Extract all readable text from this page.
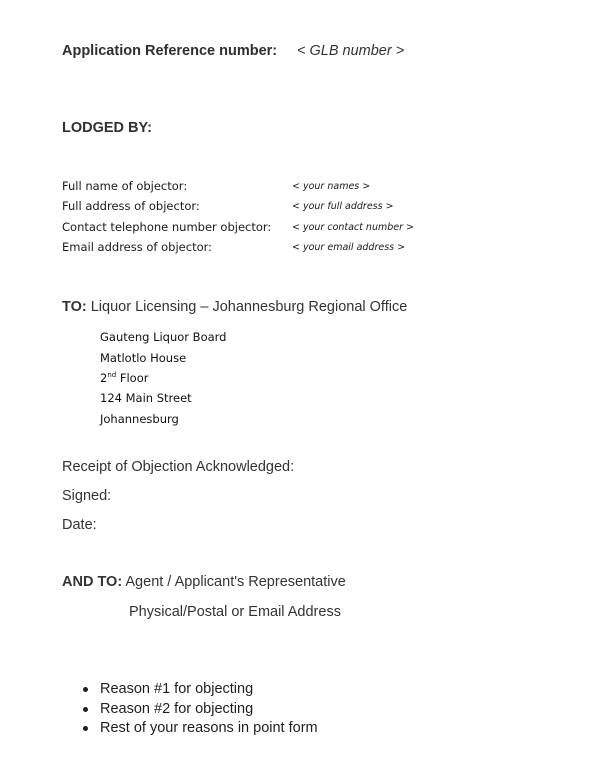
Application Reference number: < GLB number >
LODGED BY:
Full name of objector:	< your names >
Full address of objector:	< your full address >
Contact telephone number objector: < your contact number >
Email address of objector:	< your email address >
TO: Liquor Licensing – Johannesburg Regional Office
Gauteng Liquor Board
Matlotlo House
2nd Floor
124 Main Street
Johannesburg
Receipt of Objection Acknowledged:
Signed:
Date:
AND TO: Agent / Applicant's Representative
Physical/Postal or Email Address
Reason #1 for objecting
Reason #2 for objecting
Rest of your reasons in point form
